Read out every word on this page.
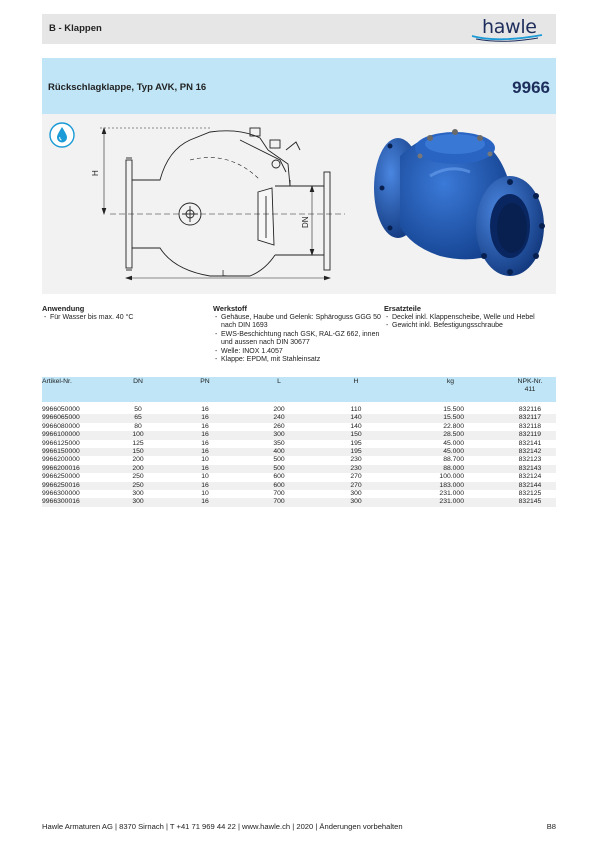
B - Klappen	hawle
Rückschlagklappe, Typ AVK, PN 16	9966
H
DN
L
Anwendung
- Für Wasser bis max. 40 °C
Werkstoff
- Gehäuse, Haube und Gelenk: Sphäroguss GGG 50 nach DIN 1693
- EWS-Beschichtung nach GSK, RAL-GZ 662, innen und aussen nach DIN 30677
- Welle: INOX 1.4057
- Klappe: EPDM, mit Stahleinsatz
Ersatzteile
- Deckel inkl. Klappenscheibe, Welle und Hebel
- Gewicht inkl. Befestigungsschraube
Artikel-Nr.	DN	PN	L	H	kg	NPK-Nr.
411

9966050000	50	16	200	110	15.500	832116
9966065000	65	16	240	140	15.500	832117
9966080000	80	16	260	140	22.800	832118
9966100000	100	16	300	150	28.500	832119
9966125000	125	16	350	195	45.000	832141
9966150000	150	16	400	195	45.000	832142
9966200000	200	10	500	230	88.700	832123
9966200016	200	16	500	230	88.000	832143
9966250000	250	10	600	270	100.000	832124
9966250016	250	16	600	270	183.000	832144
9966300000	300	10	700	300	231.000	832125
9966300016	300	16	700	300	231.000	832145
Hawle Armaturen AG | 8370 Sirnach | T +41 71 969 44 22 | www.hawle.ch | 2020 | Änderungen vorbehalten	B8
